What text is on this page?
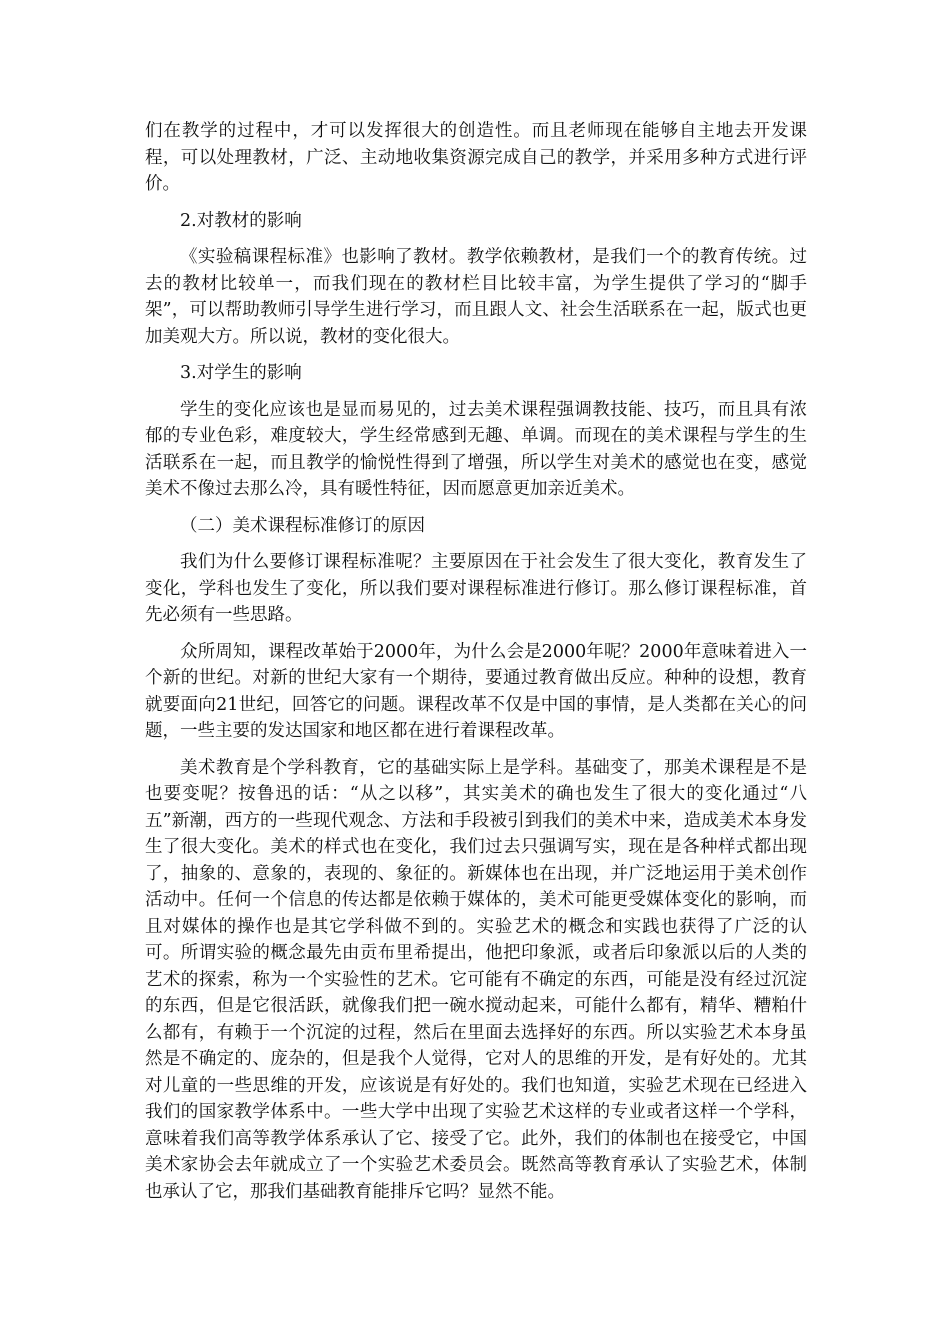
们在教学的过程中，才可以发挥很大的创造性。而且老师现在能够自主地去开发课程，可以处理教材，广泛、主动地收集资源完成自己的教学，并采用多种方式进行评价。

2.对教材的影响

《实验稿课程标准》也影响了教材。教学依赖教材，是我们一个的教育传统。过去的教材比较单一，而我们现在的教材栏目比较丰富，为学生提供了学习的“脚手架”，可以帮助教师引导学生进行学习，而且跟人文、社会生活联系在一起，版式也更加美观大方。所以说，教材的变化很大。

3.对学生的影响

学生的变化应该也是显而易见的，过去美术课程强调教技能、技巧，而且具有浓郁的专业色彩，难度较大，学生经常感到无趣、单调。而现在的美术课程与学生的生活联系在一起，而且教学的愉悦性得到了增强，所以学生对美术的感觉也在变，感觉美术不像过去那么冷，具有暖性特征，因而愿意更加亲近美术。

（二）美术课程标准修订的原因

我们为什么要修订课程标准呢？主要原因在于社会发生了很大变化，教育发生了变化，学科也发生了变化，所以我们要对课程标准进行修订。那么修订课程标准，首先必须有一些思路。

众所周知，课程改革始于2000年，为什么会是2000年呢？2000年意味着进入一个新的世纪。对新的世纪大家有一个期待，要通过教育做出反应。种种的设想，教育就要面向21世纪，回答它的问题。课程改革不仅是中国的事情，是人类都在关心的问题，一些主要的发达国家和地区都在进行着课程改革。

美术教育是个学科教育，它的基础实际上是学科。基础变了，那美术课程是不是也要变呢？按鲁迅的话：“从之以移”，其实美术的确也发生了很大的变化通过“八五”新潮，西方的一些现代观念、方法和手段被引到我们的美术中来，造成美术本身发生了很大变化。美术的样式也在变化，我们过去只强调写实，现在是各种样式都出现了，抽象的、意象的，表现的、象征的。新媒体也在出现，并广泛地运用于美术创作活动中。任何一个信息的传达都是依赖于媒体的，美术可能更受媒体变化的影响，而且对媒体的操作也是其它学科做不到的。实验艺术的概念和实践也获得了广泛的认可。所谓实验的概念最先由贡布里希提出，他把印象派，或者后印象派以后的人类的艺术的探索，称为一个实验性的艺术。它可能有不确定的东西，可能是没有经过沉淀的东西，但是它很活跃，就像我们把一碗水搅动起来，可能什么都有，精华、糟粕什么都有，有赖于一个沉淀的过程，然后在里面去选择好的东西。所以实验艺术本身虽然是不确定的、庞杂的，但是我个人觉得，它对人的思维的开发，是有好处的。尤其对儿童的一些思维的开发，应该说是有好处的。我们也知道，实验艺术现在已经进入我们的国家教学体系中。一些大学中出现了实验艺术这样的专业或者这样一个学科，意味着我们高等教学体系承认了它、接受了它。此外，我们的体制也在接受它，中国美术家协会去年就成立了一个实验艺术委员会。既然高等教育承认了实验艺术，体制也承认了它，那我们基础教育能排斥它吗？显然不能。
